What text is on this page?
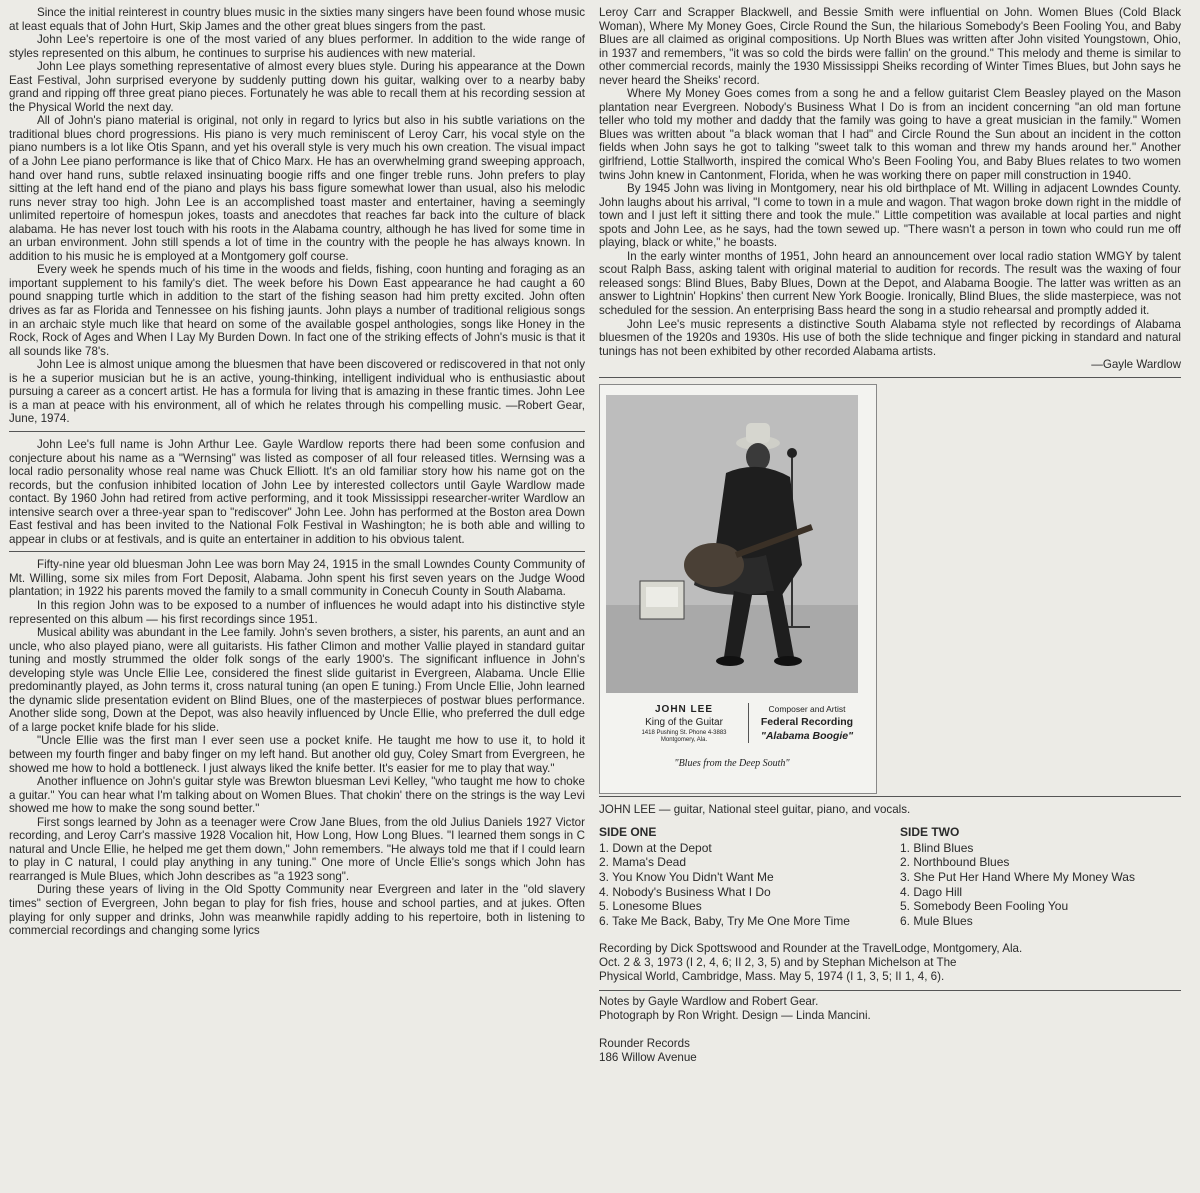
Since the initial reinterest in country blues music in the sixties many singers have been found whose music at least equals that of John Hurt, Skip James and the other great blues singers from the past.

John Lee's repertoire is one of the most varied of any blues performer. In addition to the wide range of styles represented on this album, he continues to surprise his audiences with new material.

John Lee plays something representative of almost every blues style. During his appearance at the Down East Festival, John surprised everyone by suddenly putting down his guitar, walking over to a nearby baby grand and ripping off three great piano pieces. Fortunately he was able to recall them at his recording session at the Physical World the next day.

All of John's piano material is original, not only in regard to lyrics but also in his subtle variations on the traditional blues chord progressions. His piano is very much reminiscent of Leroy Carr, his vocal style on the piano numbers is a lot like Otis Spann, and yet his overall style is very much his own creation. The visual impact of a John Lee piano performance is like that of Chico Marx. He has an overwhelming grand sweeping approach, hand over hand runs, subtle relaxed insinuating boogie riffs and one finger treble runs. John prefers to play sitting at the left hand end of the piano and plays his bass figure somewhat lower than usual, also his melodic runs never stray too high. John Lee is an accomplished toast master and entertainer, having a seemingly unlimited repertoire of homespun jokes, toasts and anecdotes that reaches far back into the culture of black alabama. He has never lost touch with his roots in the Alabama country, although he has lived for some time in an urban environment. John still spends a lot of time in the country with the people he has always known. In addition to his music he is employed at a Montgomery golf course.

Every week he spends much of his time in the woods and fields, fishing, coon hunting and foraging as an important supplement to his family's diet. The week before his Down East appearance he had caught a 60 pound snapping turtle which in addition to the start of the fishing season had him pretty excited. John often drives as far as Florida and Tennessee on his fishing jaunts. John plays a number of traditional religious songs in an archaic style much like that heard on some of the available gospel anthologies, songs like Honey in the Rock, Rock of Ages and When I Lay My Burden Down. In fact one of the striking effects of John's music is that it all sounds like 78's.

John Lee is almost unique among the bluesmen that have been discovered or rediscovered in that not only is he a superior musician but he is an active, young-thinking, intelligent individual who is enthusiastic about pursuing a career as a concert artist. He has a formula for living that is amazing in these frantic times. John Lee is a man at peace with his environment, all of which he relates through his compelling music. —Robert Gear, June, 1974.

John Lee's full name is John Arthur Lee. Gayle Wardlow reports there had been some confusion and conjecture about his name as a "Wernsing" was listed as composer of all four released titles. Wernsing was a local radio personality whose real name was Chuck Elliott. It's an old familiar story how his name got on the records, but the confusion inhibited location of John Lee by interested collectors until Gayle Wardlow made contact. By 1960 John had retired from active performing, and it took Mississippi researcher-writer Wardlow an intensive search over a three-year span to "rediscover" John Lee. John has performed at the Boston area Down East festival and has been invited to the National Folk Festival in Washington; he is both able and willing to appear in clubs or at festivals, and is quite an entertainer in addition to his obvious talent.

Fifty-nine year old bluesman John Lee was born May 24, 1915 in the small Lowndes County Community of Mt. Willing, some six miles from Fort Deposit, Alabama. John spent his first seven years on the Judge Wood plantation; in 1922 his parents moved the family to a small community in Conecuh County in South Alabama.

In this region John was to be exposed to a number of influences he would adapt into his distinctive style represented on this album — his first recordings since 1951.

Musical ability was abundant in the Lee family. John's seven brothers, a sister, his parents, an aunt and an uncle, who also played piano, were all guitarists. His father Climon and mother Vallie played in standard guitar tuning and mostly strummed the older folk songs of the early 1900's. The significant influence in John's developing style was Uncle Ellie Lee, considered the finest slide guitarist in Evergreen, Alabama. Uncle Ellie predominantly played, as John terms it, cross natural tuning (an open E tuning.) From Uncle Ellie, John learned the dynamic slide presentation evident on Blind Blues, one of the masterpieces of postwar blues performance. Another slide song, Down at the Depot, was also heavily influenced by Uncle Ellie, who preferred the dull edge of a large pocket knife blade for his slide.

"Uncle Ellie was the first man I ever seen use a pocket knife. He taught me how to use it, to hold it between my fourth finger and baby finger on my left hand. But another old guy, Coley Smart from Evergreen, he showed me how to hold a bottleneck. I just always liked the knife better. It's easier for me to play that way."

Another influence on John's guitar style was Brewton bluesman Levi Kelley, "who taught me how to choke a guitar." You can hear what I'm talking about on Women Blues. That chokin' there on the strings is the way Levi showed me how to make the song sound better."

First songs learned by John as a teenager were Crow Jane Blues, from the old Julius Daniels 1927 Victor recording, and Leroy Carr's massive 1928 Vocalion hit, How Long, How Long Blues. "I learned them songs in C natural and Uncle Ellie, he helped me get them down," John remembers. "He always told me that if I could learn to play in C natural, I could play anything in any tuning." One more of Uncle Ellie's songs which John has rearranged is Mule Blues, which John describes as "a 1923 song".

During these years of living in the Old Spotty Community near Evergreen and later in the "old slavery times" section of Evergreen, John began to play for fish fries, house and school parties, and at jukes. Often playing for only supper and drinks, John was meanwhile rapidly adding to his repertoire, both in listening to commercial recordings and changing some lyrics

Leroy Carr and Scrapper Blackwell, and Bessie Smith were influential on John. Women Blues (Cold Black Woman), Where My Money Goes, Circle Round the Sun, the hilarious Somebody's Been Fooling You, and Baby Blues are all claimed as original compositions. Up North Blues was written after John visited Youngstown, Ohio, in 1937 and remembers, "it was so cold the birds were fallin' on the ground." This melody and theme is similar to other commercial records, mainly the 1930 Mississippi Sheiks recording of Winter Times Blues, but John says he never heard the Sheiks' record.

Where My Money Goes comes from a song he and a fellow guitarist Clem Beasley played on the Mason plantation near Evergreen. Nobody's Business What I Do is from an incident concerning "an old man fortune teller who told my mother and daddy that the family was going to have a great musician in the family." Women Blues was written about "a black woman that I had" and Circle Round the Sun about an incident in the cotton fields when John says he got to talking "sweet talk to this woman and threw my hands around her." Another girlfriend, Lottie Stallworth, inspired the comical Who's Been Fooling You, and Baby Blues relates to two women twins John knew in Cantonment, Florida, when he was working there on paper mill construction in 1940.

By 1945 John was living in Montgomery, near his old birthplace of Mt. Willing in adjacent Lowndes County. John laughs about his arrival, "I come to town in a mule and wagon. That wagon broke down right in the middle of town and I just left it sitting there and took the mule." Little competition was available at local parties and night spots and John Lee, as he says, had the town sewed up. "There wasn't a person in town who could run me off playing, black or white," he boasts.

In the early winter months of 1951, John heard an announcement over local radio station WMGY by talent scout Ralph Bass, asking talent with original material to audition for records. The result was the waxing of four released songs: Blind Blues, Baby Blues, Down at the Depot, and Alabama Boogie. The latter was written as an answer to Lightnin' Hopkins' then current New York Boogie. Ironically, Blind Blues, the slide masterpiece, was not scheduled for the session. An enterprising Bass heard the song in a studio rehearsal and promptly added it.

John Lee's music represents a distinctive South Alabama style not reflected by recordings of Alabama bluesmen of the 1920s and 1930s. His use of both the slide technique and finger picking in standard and natural tunings has not been exhibited by other recorded Alabama artists.

—Gayle Wardlow

JOHN LEE
King of the Guitar
1418 Pushing St. Phone 4-3883
Montgomery, Ala.
Composer and Artist
Federal Recording
"Alabama Boogie"
"Blues from the Deep South"

JOHN LEE — guitar, National steel guitar, piano, and vocals.

SIDE ONE
1. Down at the Depot
2. Mama's Dead
3. You Know You Didn't Want Me
4. Nobody's Business What I Do
5. Lonesome Blues
6. Take Me Back, Baby, Try Me One More Time
SIDE TWO
1. Blind Blues
2. Northbound Blues
3. She Put Her Hand Where My Money Was
4. Dago Hill
5. Somebody Been Fooling You
6. Mule Blues

Recording by Dick Spottswood and Rounder at the TravelLodge, Montgomery, Ala.

Oct. 2 & 3, 1973 (I 2, 4, 6; II 2, 3, 5) and by Stephan Michelson at The

Physical World, Cambridge, Mass. May 5, 1974 (I 1, 3, 5; II 1, 4, 6).

Notes by Gayle Wardlow and Robert Gear.

Photograph by Ron Wright. Design — Linda Mancini.

Rounder Records

186 Willow Avenue
